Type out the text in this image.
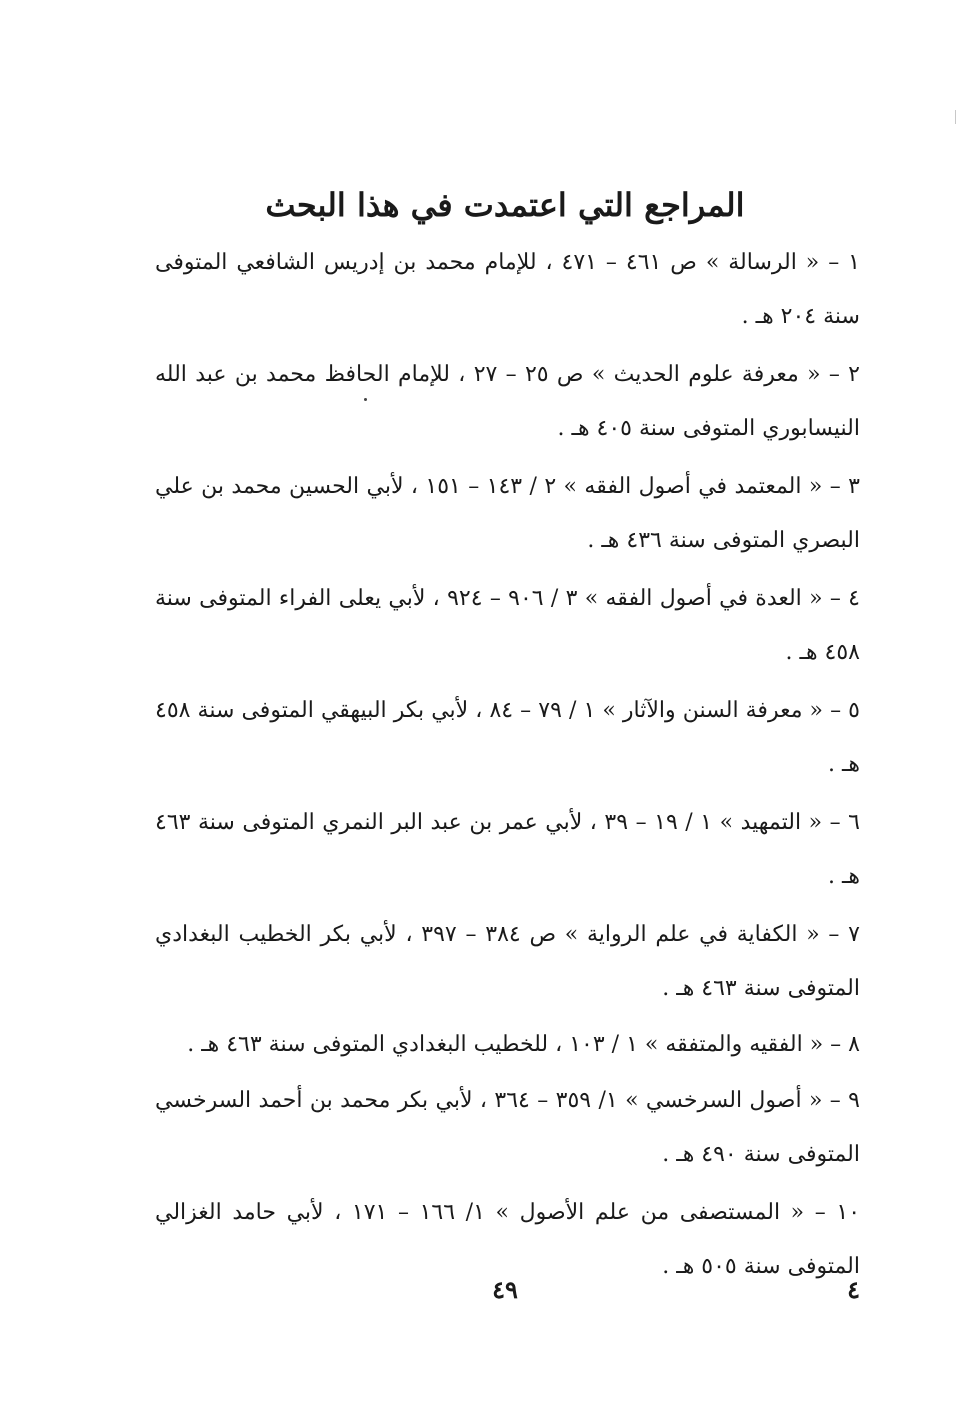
المراجع التي اعتمدت في هذا البحث
١ – « الرسالة » ص ٤٦١ – ٤٧١ ، للإمام محمد بن إدريس الشافعي المتوفى سنة ٢٠٤ هـ .
٢ – « معرفة علوم الحديث » ص ٢٥ – ٢٧ ، للإمام الحافظ محمد بن عبد الله النيسابوري المتوفى سنة ٤٠٥ هـ .
٣ – « المعتمد في أصول الفقه » ٢ / ١٤٣ – ١٥١ ، لأبي الحسين محمد بن علي البصري المتوفى سنة ٤٣٦ هـ .
٤ – « العدة في أصول الفقه » ٣ / ٩٠٦ – ٩٢٤ ، لأبي يعلى الفراء المتوفى سنة ٤٥٨ هـ .
٥ – « معرفة السنن والآثار » ١ / ٧٩ – ٨٤ ، لأبي بكر البيهقي المتوفى سنة ٤٥٨ هـ .
٦ – « التمهيد » ١ / ١٩ – ٣٩ ، لأبي عمر بن عبد البر النمري المتوفى سنة ٤٦٣ هـ .
٧ – « الكفاية في علم الرواية » ص ٣٨٤ – ٣٩٧ ، لأبي بكر الخطيب البغدادي المتوفى سنة ٤٦٣ هـ .
٨ – « الفقيه والمتفقه » ١ / ١٠٣ ، للخطيب البغدادي المتوفى سنة ٤٦٣ هـ .
٩ – « أصول السرخسي » ١/ ٣٥٩ – ٣٦٤ ، لأبي بكر محمد بن أحمد السرخسي المتوفى سنة ٤٩٠ هـ .
١٠ – « المستصفى من علم الأصول » ١/ ١٦٦ – ١٧١ ، لأبي حامد الغزالي المتوفى سنة ٥٠٥ هـ .
٤٩	٤
